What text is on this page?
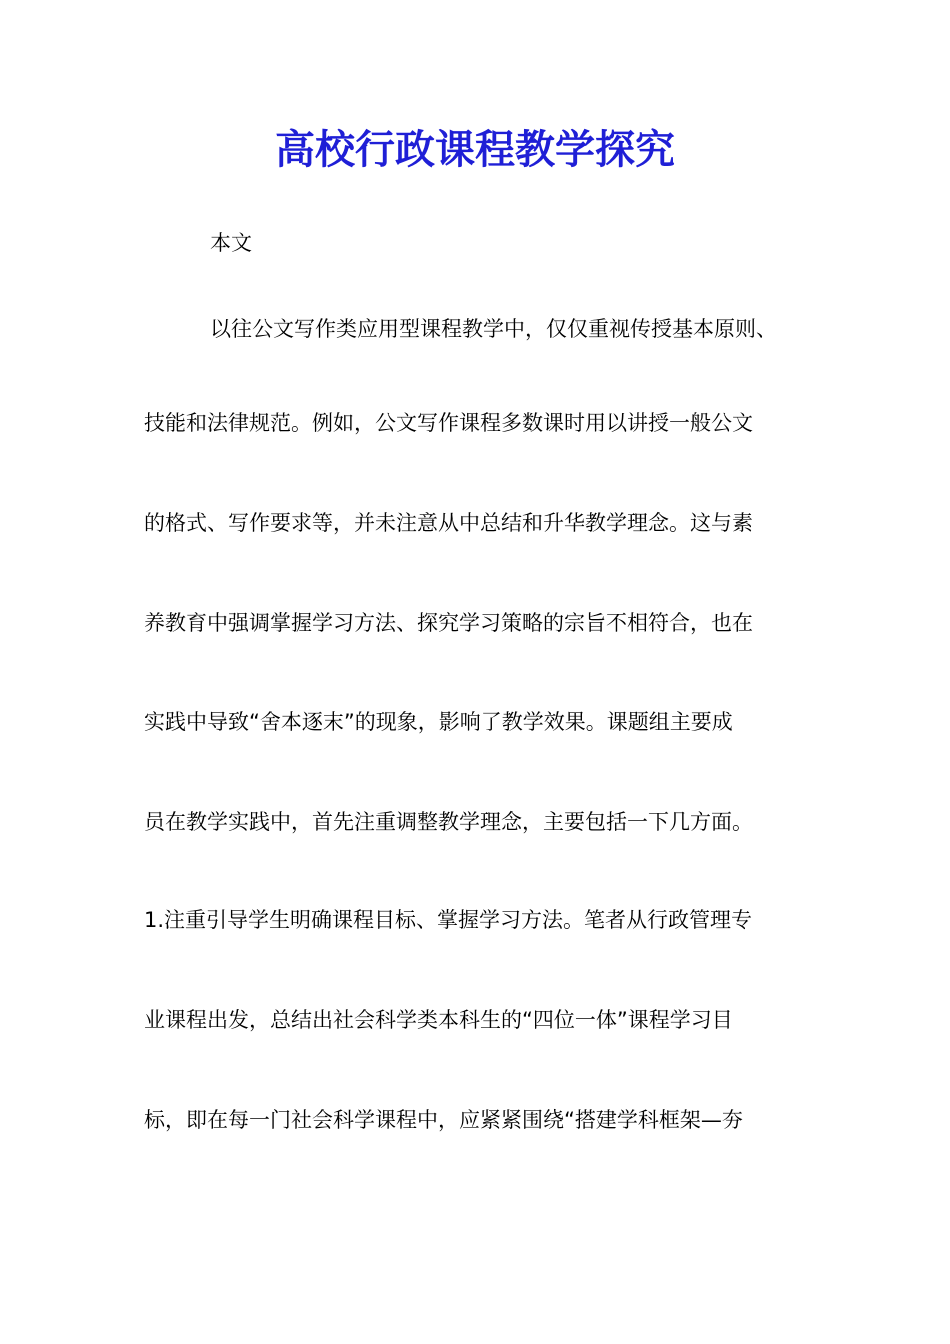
高校行政课程教学探究

本文

以往公文写作类应用型课程教学中，仅仅重视传授基本原则、

技能和法律规范。例如，公文写作课程多数课时用以讲授一般公文

的格式、写作要求等，并未注意从中总结和升华教学理念。这与素

养教育中强调掌握学习方法、探究学习策略的宗旨不相符合，也在

实践中导致“舍本逐末”的现象，影响了教学效果。课题组主要成

员在教学实践中，首先注重调整教学理念，主要包括一下几方面。

1.注重引导学生明确课程目标、掌握学习方法。笔者从行政管理专

业课程出发，总结出社会科学类本科生的“四位一体”课程学习目

标，即在每一门社会科学课程中，应紧紧围绕“搭建学科框架—夯
